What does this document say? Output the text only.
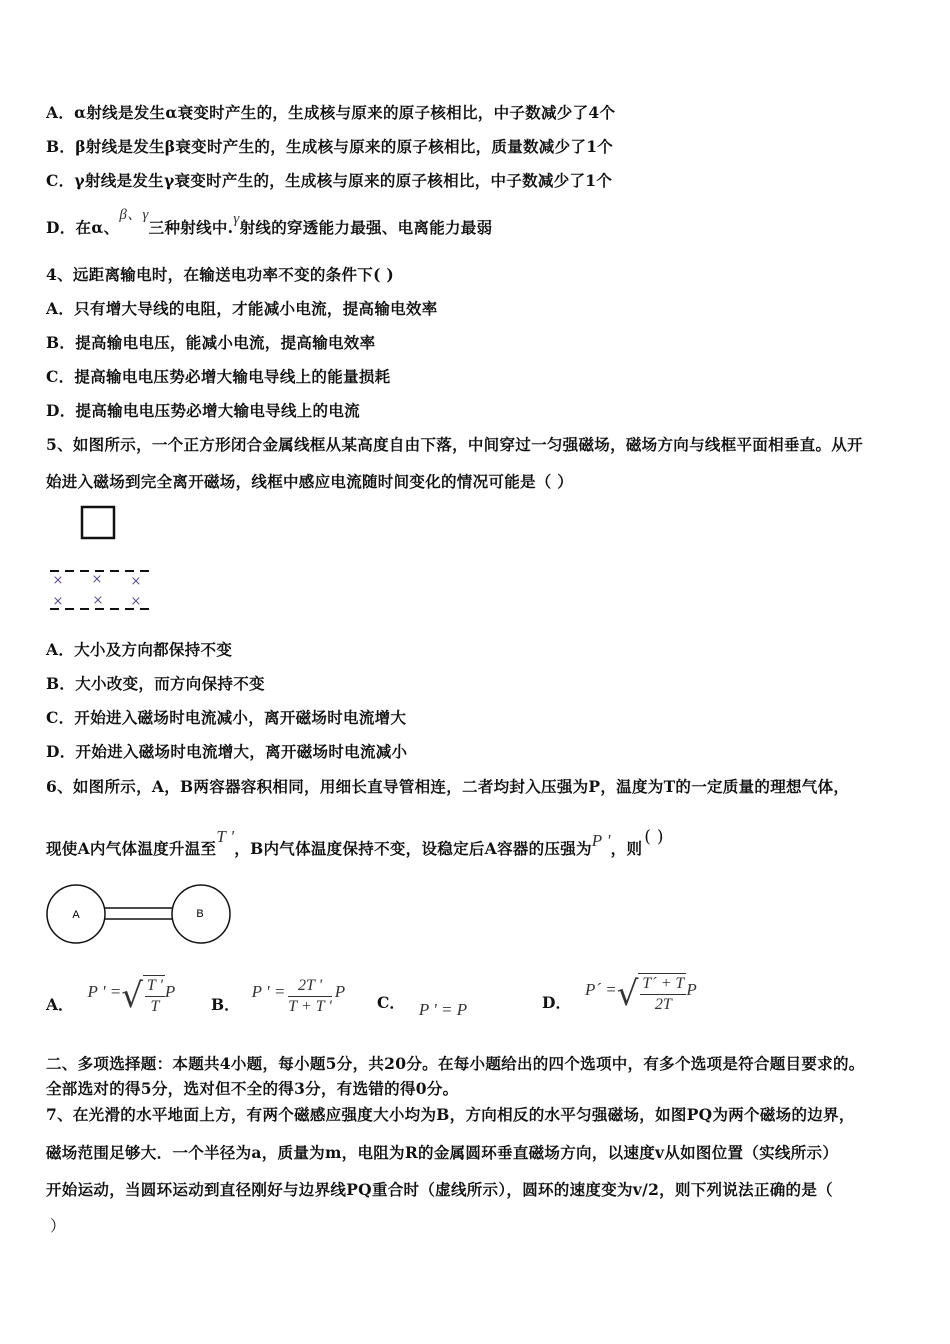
A．α射线是发生α衰变时产生的，生成核与原来的原子核相比，中子数减少了4个
B．β射线是发生β衰变时产生的，生成核与原来的原子核相比，质量数减少了1个
C．γ射线是发生γ衰变时产生的，生成核与原来的原子核相比，中子数减少了1个
D．在α、β、γ三种射线中.γ射线的穿透能力最强、电离能力最弱
4、远距离输电时，在输送电功率不变的条件下( )
A．只有增大导线的电阻，才能减小电流，提高输电效率
B．提高输电电压，能减小电流，提高输电效率
C．提高输电电压势必增大输电导线上的能量损耗
D．提高输电电压势必增大输电导线上的电流
5、如图所示，一个正方形闭合金属线框从某高度自由下落，中间穿过一匀强磁场，磁场方向与线框平面相垂直。从开
始进入磁场到完全离开磁场，线框中感应电流随时间变化的情况可能是（ ）
× × ×
× × ×
A．大小及方向都保持不变
B．大小改变，而方向保持不变
C．开始进入磁场时电流减小，离开磁场时电流增大
D．开始进入磁场时电流增大，离开磁场时电流减小
6、如图所示，A，B两容器容积相同，用细长直导管相连，二者均封入压强为P，温度为T的一定质量的理想气体，
现使A内气体温度升温至T '，B内气体温度保持不变，设稳定后A容器的压强为P '，则( )
A	B
A．
P ' = √ $\frac{T '}{T}$ P
B．
P ' = $\frac{2T '}{T + T '}$ P
C． P ' = P	D．
P´ = √ $\frac{T´ + T}{2T}$ P
二、多项选择题：本题共4小题，每小题5分，共20分。在每小题给出的四个选项中，有多个选项是符合题目要求的。
全部选对的得5分，选对但不全的得3分，有选错的得0分。
7、在光滑的水平地面上方，有两个磁感应强度大小均为B，方向相反的水平匀强磁场，如图PQ为两个磁场的边界，
磁场范围足够大．一个半径为a，质量为m，电阻为R的金属圆环垂直磁场方向，以速度v从如图位置（实线所示）
开始运动，当圆环运动到直径刚好与边界线PQ重合时（虚线所示），圆环的速度变为v/2，则下列说法正确的是（
）
